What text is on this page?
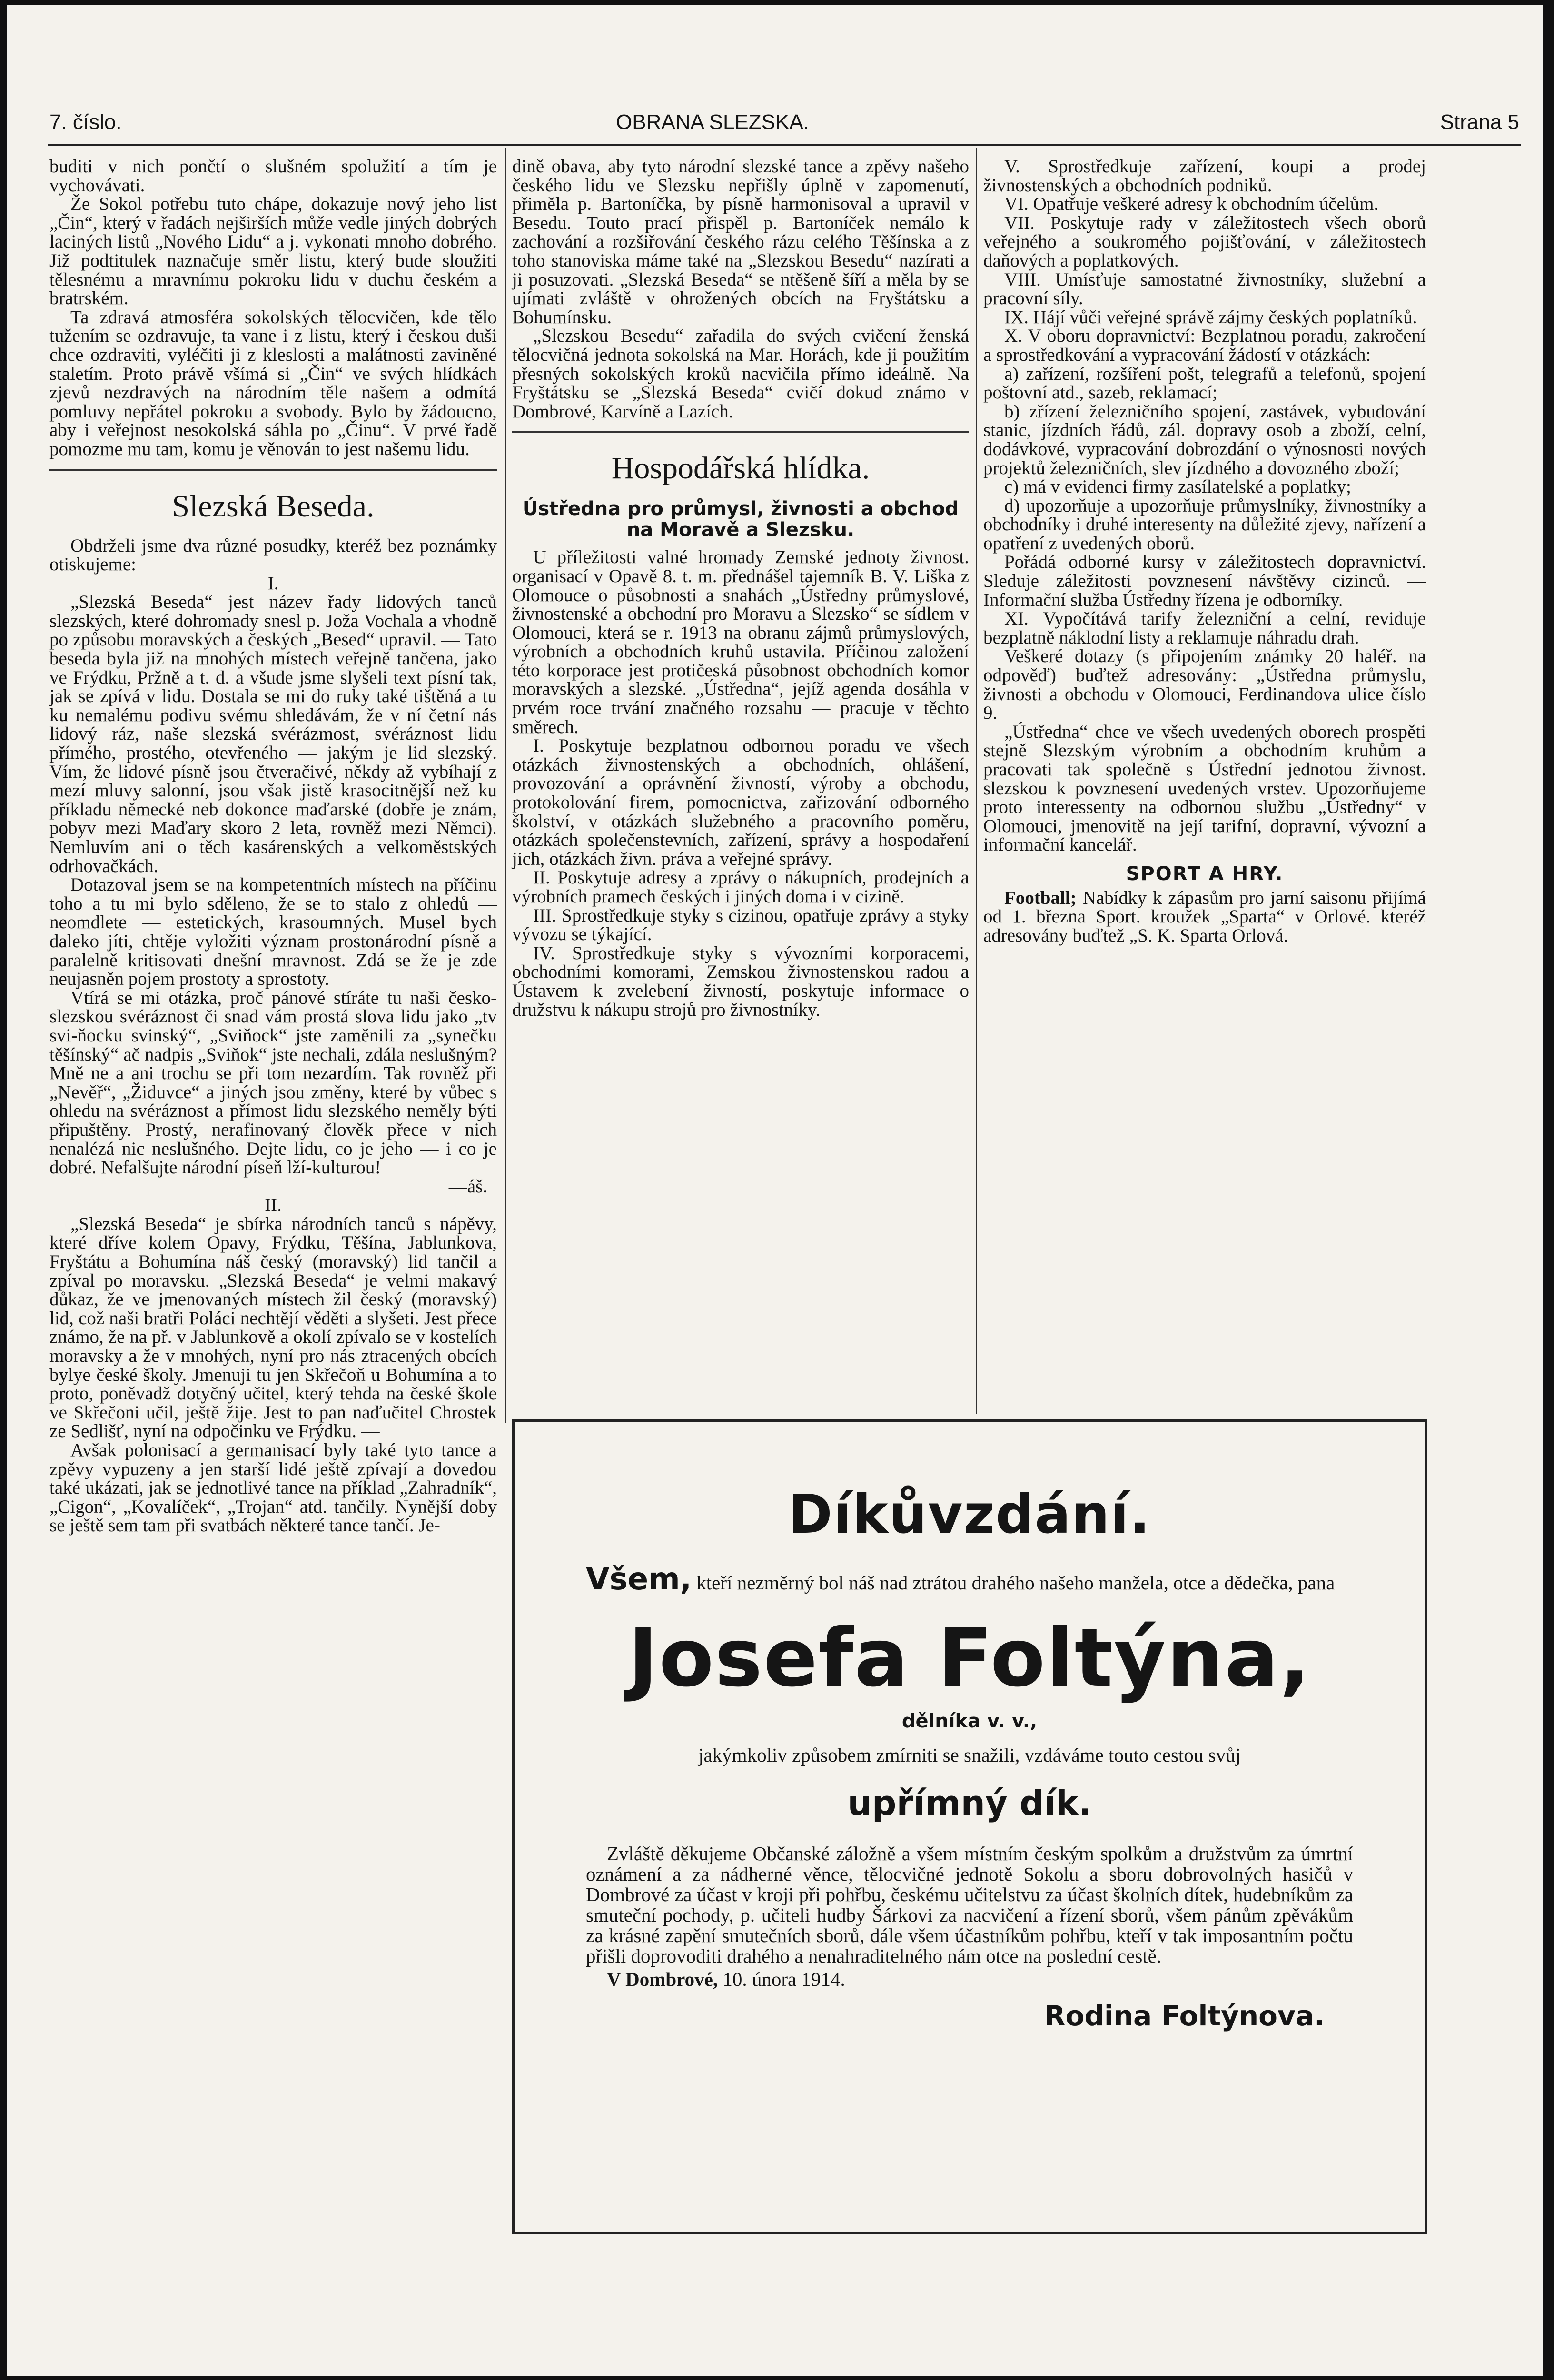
7. číslo.	OBRANA SLEZSKA.	Strana 5

buditi v nich pončtí o slušném spolužití a tím je vychovávati.

Že Sokol potřebu tuto chápe, dokazuje nový jeho list „Čin“, který v řadách nejširších může vedle jiných dobrých laciných listů „Nového Lidu“ a j. vykonati mnoho dobrého. Již podtitulek naznačuje směr listu, který bude sloužiti tělesnému a mravnímu pokroku lidu v duchu českém a bratrském.

Ta zdravá atmosféra sokolských tělocvičen, kde tělo tužením se ozdravuje, ta vane i z listu, který i českou duši chce ozdraviti, vyléčiti ji z kleslosti a malátnosti zaviněné staletím. Proto právě všímá si „Čin“ ve svých hlídkách zjevů nezdravých na národním těle našem a odmítá pomluvy nepřátel pokroku a svobody. Bylo by žádoucno, aby i veřejnost nesokolská sáhla po „Činu“. V prvé řadě pomozme mu tam, komu je věnován to jest našemu lidu.

Slezská Beseda.

Obdrželi jsme dva různé posudky, kteréž bez poznámky otiskujeme:

I.

„Slezská Beseda“ jest název řady lidových tanců slezských, které dohromady snesl p. Joža Vochala a vhodně po způsobu moravských a českých „Besed“ upravil. — Tato beseda byla již na mnohých místech veřejně tančena, jako ve Frýdku, Pržně a t. d. a všude jsme slyšeli text písní tak, jak se zpívá v lidu. Dostala se mi do ruky také tištěná a tu ku nemalému podivu svému shledávám, že v ní četní nás lidový ráz, naše slezská svérázmost, svéráznost lidu přímého, prostého, otevřeného — jakým je lid slezský. Vím, že lidové písně jsou čtveračivé, někdy až vybíhají z mezí mluvy salonní, jsou však jistě krasocitnější než ku příkladu německé neb dokonce maďarské (dobře je znám, pobyv mezi Maďary skoro 2 leta, rovněž mezi Němci). Nemluvím ani o těch kasárenských a velkoměstských odrhovačkách.

Dotazoval jsem se na kompetentních místech na příčinu toho a tu mi bylo sděleno, že se to stalo z ohledů — neomdlete — estetických, krasoumných. Musel bych daleko jíti, chtěje vyložiti význam prostonárodní písně a paralelně kritisovati dnešní mravnost. Zdá se že je zde neujasněn pojem prostoty a sprostoty.

Vtírá se mi otázka, proč pánové stíráte tu naši česko-slezskou svéráznost či snad vám prostá slova lidu jako „tv svi-ňocku svinský“, „Sviňock“ jste zaměnili za „synečku těšínský“ ač nadpis „Sviňok“ jste nechali, zdála neslušným? Mně ne a ani trochu se při tom nezardím. Tak rovněž při „Nevěř“, „Židuvce“ a jiných jsou změny, které by vůbec s ohledu na svéráznost a přímost lidu slezského neměly býti připuštěny. Prostý, nerafinovaný člověk přece v nich nenalézá nic neslušného. Dejte lidu, co je jeho — i co je dobré. Nefalšujte národní píseň lží-kulturou!

—áš.
II.

„Slezská Beseda“ je sbírka národních tanců s nápěvy, které dříve kolem Opavy, Frýdku, Těšína, Jablunkova, Fryštátu a Bohumína náš český (moravský) lid tančil a zpíval po moravsku. „Slezská Beseda“ je velmi makavý důkaz, že ve jmenovaných místech žil český (moravský) lid, což naši bratři Poláci nechtějí věděti a slyšeti. Jest přece známo, že na př. v Jablunkově a okolí zpívalo se v kostelích moravsky a že v mnohých, nyní pro nás ztracených obcích bylye české školy. Jmenuji tu jen Skřečoň u Bohumína a to proto, poněvadž dotyčný učitel, který tehda na české škole ve Skřečoni učil, ještě žije. Jest to pan naďučitel Chrostek ze Sedlišť, nyní na odpočinku ve Frýdku. —

Avšak polonisací a germanisací byly také tyto tance a zpěvy vypuzeny a jen starší lidé ještě zpívají a dovedou také ukázati, jak se jednotlivé tance na příklad „Zahradník“, „Cigon“, „Kovalíček“, „Trojan“ atd. tančily. Nynější doby se ještě sem tam při svatbách některé tance tančí. Je-

dině obava, aby tyto národní slezské tance a zpěvy našeho českého lidu ve Slezsku nepřišly úplně v zapomenutí, přiměla p. Bartoníčka, by písně harmonisoval a upravil v Besedu. Touto prací přispěl p. Bartoníček nemálo k zachování a rozšiřování českého rázu celého Těšínska a z toho stanoviska máme také na „Slezskou Besedu“ nazírati a ji posuzovati. „Slezská Beseda“ se ntěšeně šíří a měla by se ujímati zvláště v ohrožených obcích na Fryštátsku a Bohumínsku.

„Slezskou Besedu“ zařadila do svých cvičení ženská tělocvičná jednota sokolská na Mar. Horách, kde ji použitím přesných sokolských kroků nacvičila přímo ideálně. Na Fryštátsku se „Slezská Beseda“ cvičí dokud známo v Dombrové, Karvíně a Lazích.

Hospodářská hlídka.
Ústředna pro průmysl, živnosti a obchod na Moravě a Slezsku.

U příležitosti valné hromady Zemské jednoty živnost. organisací v Opavě 8. t. m. přednášel tajemník B. V. Liška z Olomouce o působnosti a snahách „Ústředny průmyslové, živnostenské a obchodní pro Moravu a Slezsko“ se sídlem v Olomouci, která se r. 1913 na obranu zájmů průmyslových, výrobních a obchodních kruhů ustavila. Příčinou založení této korporace jest protičeská působnost obchodních komor moravských a slezské. „Ústředna“, jejíž agenda dosáhla v prvém roce trvání značného rozsahu — pracuje v těchto směrech.

I. Poskytuje bezplatnou odbornou poradu ve všech otázkách živnostenských a obchodních, ohlášení, provozování a oprávnění živností, výroby a obchodu, protokolování firem, pomocnictva, zařizování odborného školství, v otázkách služebného a pracovního poměru, otázkách společenstevních, zařízení, správy a hospodaření jich, otázkách živn. práva a veřejné správy.

II. Poskytuje adresy a zprávy o nákupních, prodejních a výrobních pramech českých i jiných doma i v cizině.

III. Sprostředkuje styky s cizinou, opatřuje zprávy a styky vývozu se týkající.

IV. Sprostředkuje styky s vývozními korporacemi, obchodními komorami, Zemskou živnostenskou radou a Ústavem k zvelebení živností, poskytuje informace o družstvu k nákupu strojů pro živnostníky.

V. Sprostředkuje zařízení, koupi a prodej živnostenských a obchodních podniků.

VI. Opatřuje veškeré adresy k obchodním účelům.

VII. Poskytuje rady v záležitostech všech oborů veřejného a soukromého pojišťování, v záležitostech daňových a poplatkových.

VIII. Umísťuje samostatné živnostníky, služební a pracovní síly.

IX. Hájí vůči veřejné správě zájmy českých poplatníků.

X. V oboru dopravnictví: Bezplatnou poradu, zakročení a sprostředkování a vypracování žádostí v otázkách:

a) zařízení, rozšíření pošt, telegrafů a telefonů, spojení poštovní atd., sazeb, reklamací;

b) zřízení železničního spojení, zastávek, vybudování stanic, jízdních řádů, zál. dopravy osob a zboží, celní, dodávkové, vypracování dobrozdání o výnosnosti nových projektů železničních, slev jízdného a dovozného zboží;

c) má v evidenci firmy zasílatelské a poplatky;

d) upozorňuje a upozorňuje průmyslníky, živnostníky a obchodníky i druhé interesenty na důležité zjevy, nařízení a opatření z uvedených oborů.

Pořádá odborné kursy v záležitostech dopravnictví. Sleduje záležitosti povznesení návštěvy cizinců. — Informační služba Ústředny řízena je odborníky.

XI. Vypočítává tarify železniční a celní, reviduje bezplatně náklodní listy a reklamuje náhradu drah.

Veškeré dotazy (s připojením známky 20 haléř. na odpověď) buďtež adresovány: „Ústředna průmyslu, živnosti a obchodu v Olomouci, Ferdinandova ulice číslo 9.

„Ústředna“ chce ve všech uvedených oborech prospěti stejně Slezským výrobním a obchodním kruhům a pracovati tak společně s Ústřední jednotou živnost. slezskou k povznesení uvedených vrstev. Upozorňujeme proto interessenty na odbornou službu „Ústředny“ v Olomouci, jmenovitě na její tarifní, dopravní, vývozní a informační kancelář.

SPORT A HRY.

Football; Nabídky k zápasům pro jarní saisonu přijímá od 1. března Sport. kroužek „Sparta“ v Orlové. kteréž adresovány buďtež „S. K. Sparta Orlová.

Díkůvzdání.

Všem, kteří nezměrný bol náš nad ztrátou drahého našeho manžela, otce a dědečka, pana

Josefa Foltýna,
dělníka v. v.,
jakýmkoliv způsobem zmírniti se snažili, vzdáváme touto cestou svůj
upřímný dík.

Zvláště děkujeme Občanské záložně a všem místním českým spolkům a družstvům za úmrtní oznámení a za nádherné věnce, tělocvičné jednotě Sokolu a sboru dobrovolných hasičů v Dombrové za účast v kroji při pohřbu, českému učitelstvu za účast školních dítek, hudebníkům za smuteční pochody, p. učiteli hudby Šárkovi za nacvičení a řízení sborů, všem pánům zpěvákům za krásné zapění smutečních sborů, dále všem účastníkům pohřbu, kteří v tak imposantním počtu přišli doprovoditi drahého a nenahraditelného nám otce na poslední cestě.

V Dombrové, 10. února 1914.

Rodina Foltýnova.
